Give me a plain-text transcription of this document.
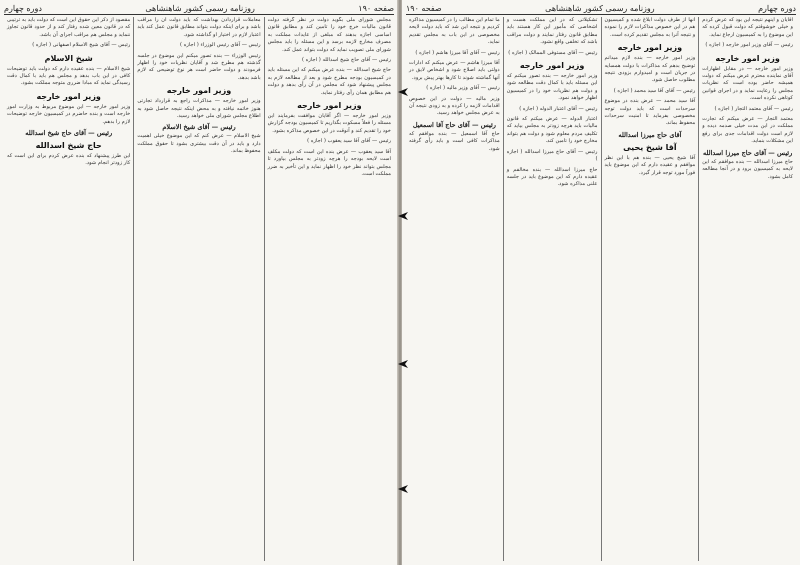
صفحه ۱۹۰
روزنامه رسمی کشور شاهنشاهی
دوره چهارم

مجلس شورای ملی بگوید دولت در نظر گرفته دولت قانون مالیات خرج خود را تامین کند و مطابق قانون اساسی اجازه بدهند که مبلغی از عایدات مملکت به مصرف مخارج لازمه برسد و این مسئله را باید مجلس شورای ملی تصویب نماید که دولت بتواند عمل کند.

رئیس — آقای حاج شیخ اسدالله ( اجازه )

حاج شیخ اسدالله — بنده عرض میکنم که این مسئله باید در کمیسیون بودجه مطرح شود و بعد از مطالعه لازم به مجلس پیشنهاد شود که مجلس در آن رأی بدهد و دولت هم مطابق همان رأی رفتار نماید.

وزیر امور خارجه

وزیر امور خارجه — اگر آقایان موافقت بفرمایند این مسئله را فعلاً مسکوت بگذاریم تا کمیسیون بودجه گزارش خود را تقدیم کند و آنوقت در این خصوص مذاکره بشود.

رئیس — آقای آقا سید یعقوب ( اجازه )

آقا سید یعقوب — عرض بنده این است که دولت مکلف است لایحه بودجه را هرچه زودتر به مجلس بیاورد تا مجلس بتواند نظر خود را اظهار نماید و این تأخیر به ضرر مملکت است.

معاملات قراردادن بهداشت که باید دولت آن را مراقب باشد و برای اینکه دولت بتواند مطابق قانون عمل کند باید اعتبار لازم در اختیار او گذاشته شود.

رئیس — آقای رئیس الوزراء ( اجازه )

رئیس الوزراء — بنده تصور میکنم این موضوع در جلسه گذشته هم مطرح شد و آقایان نظریات خود را اظهار فرمودند و دولت حاضر است هر نوع توضیحی که لازم باشد بدهد.

وزیر امور خارجه

وزیر امور خارجه — مذاکرات راجع به قرارداد تجارتی هنوز خاتمه نیافته و به محض اینکه نتیجه حاصل شود به اطلاع مجلس شورای ملی خواهد رسید.

رئیس — آقای شیخ الاسلام

شیخ الاسلام — عرض کنم که این موضوع خیلی اهمیت دارد و باید در آن دقت بیشتری بشود تا حقوق مملکت محفوظ بماند.

مقصود از ذکر این حقوق این است که دولت باید به ترتیبی که در قانون معین شده رفتار کند و از حدود قانون تجاوز ننماید و مجلس هم مراقب اجرای آن باشد.

رئیس — آقای شیخ الاسلام اصفهانی ( اجازه )

شیخ الاسلام

شیخ الاسلام — بنده عقیده دارم که دولت باید توضیحات کافی در این باب بدهد و مجلس هم باید با کمال دقت رسیدگی نماید که مبادا ضرری متوجه مملکت بشود.

وزیر امور خارجه

وزیر امور خارجه — این موضوع مربوط به وزارت امور خارجه است و بنده حاضرم در کمیسیون خارجه توضیحات لازم را بدهم.

رئیس — آقای حاج شیخ اسدالله
حاج شیخ اسدالله

این طرز پیشنهاد که بنده عرض کردم برای این است که کار زودتر انجام شود.

دوره چهارم
روزنامه رسمی کشور شاهنشاهی
صفحه ۱۹۰

آقایان و اینهم نتیجه این بود که عرض کردم و خیلی خوشوقتم که دولت قبول کرده که این موضوع را به کمیسیون ارجاع نماید.

رئیس — آقای وزیر امور خارجه ( اجازه )

وزیر امور خارجه

وزیر امور خارجه — در مقابل اظهارات آقای نماینده محترم عرض میکنم که دولت همیشه حاضر بوده است که نظریات مجلس را رعایت نماید و در اجرای قوانین کوتاهی نکرده است.

رئیس — آقای معتمد التجار ( اجازه )

معتمد التجار — عرض میکنم که تجارت مملکت در این مدت خیلی صدمه دیده و لازم است دولت اقدامات جدی برای رفع این مشکلات بنماید.

رئیس — آقای حاج میرزا اسدالله

حاج میرزا اسدالله — بنده موافقم که این لایحه به کمیسیون برود و در آنجا مطالعه کامل بشود.

آنها از طرف دولت ابلاغ شده و کمیسیون هم در این خصوص مذاکرات لازم را نموده و نتیجه آنرا به مجلس تقدیم کرده است.

وزیر امور خارجه

وزیر امور خارجه — بنده لازم میدانم توضیح بدهم که مذاکرات با دولت همسایه در جریان است و امیدوارم بزودی نتیجه مطلوب حاصل شود.

رئیس — آقای آقا سید محمد ( اجازه )

آقا سید محمد — عرض بنده در موضوع سرحدات است که باید دولت توجه مخصوصی بفرماید تا امنیت سرحدات محفوظ بماند.

آقای حاج میرزا اسدالله
آقا شیخ یحیی

آقا شیخ یحیی — بنده هم با این نظر موافقم و عقیده دارم که این موضوع باید فوراً مورد توجه قرار گیرد.

تشکیلاتی که در این مملکت هست و اشخاصی که مأمور این کار هستند باید مطابق قانون رفتار نمایند و دولت مراقب باشد که تخلفی واقع نشود.

رئیس — آقای مستوفی الممالک ( اجازه )

وزیر امور خارجه

وزیر امور خارجه — بنده تصور میکنم که این مسئله باید با کمال دقت مطالعه شود و دولت هم نظریات خود را در کمیسیون اظهار خواهد نمود.

رئیس — آقای اعتبار الدوله ( اجازه )

اعتبار الدوله — عرض میکنم که قانون مالیات باید هرچه زودتر به مجلس بیاید که تکلیف مردم معلوم شود و دولت هم بتواند مخارج خود را تامین کند.

رئیس — آقای حاج میرزا اسدالله ( اجازه )

حاج میرزا اسدالله — بنده مخالفم و عقیده دارم که این موضوع باید در جلسه علنی مذاکره شود.

ما تمام این مطالب را در کمیسیون مذاکره کردیم و نتیجه این شد که باید دولت لایحه مخصوصی در این باب به مجلس تقدیم نماید.

رئیس — آقای آقا میرزا هاشم ( اجازه )

آقا میرزا هاشم — عرض میکنم که ادارات دولتی باید اصلاح شود و اشخاص لایق در آنها گماشته شوند تا کارها بهتر پیش برود.

رئیس — آقای وزیر مالیه ( اجازه )

وزیر مالیه — دولت در این خصوص اقدامات لازمه را کرده و به زودی نتیجه آن به عرض مجلس خواهد رسید.

رئیس — آقای حاج آقا اسمعیل

حاج آقا اسمعیل — بنده موافقم که مذاکرات کافی است و باید رأی گرفته شود.
